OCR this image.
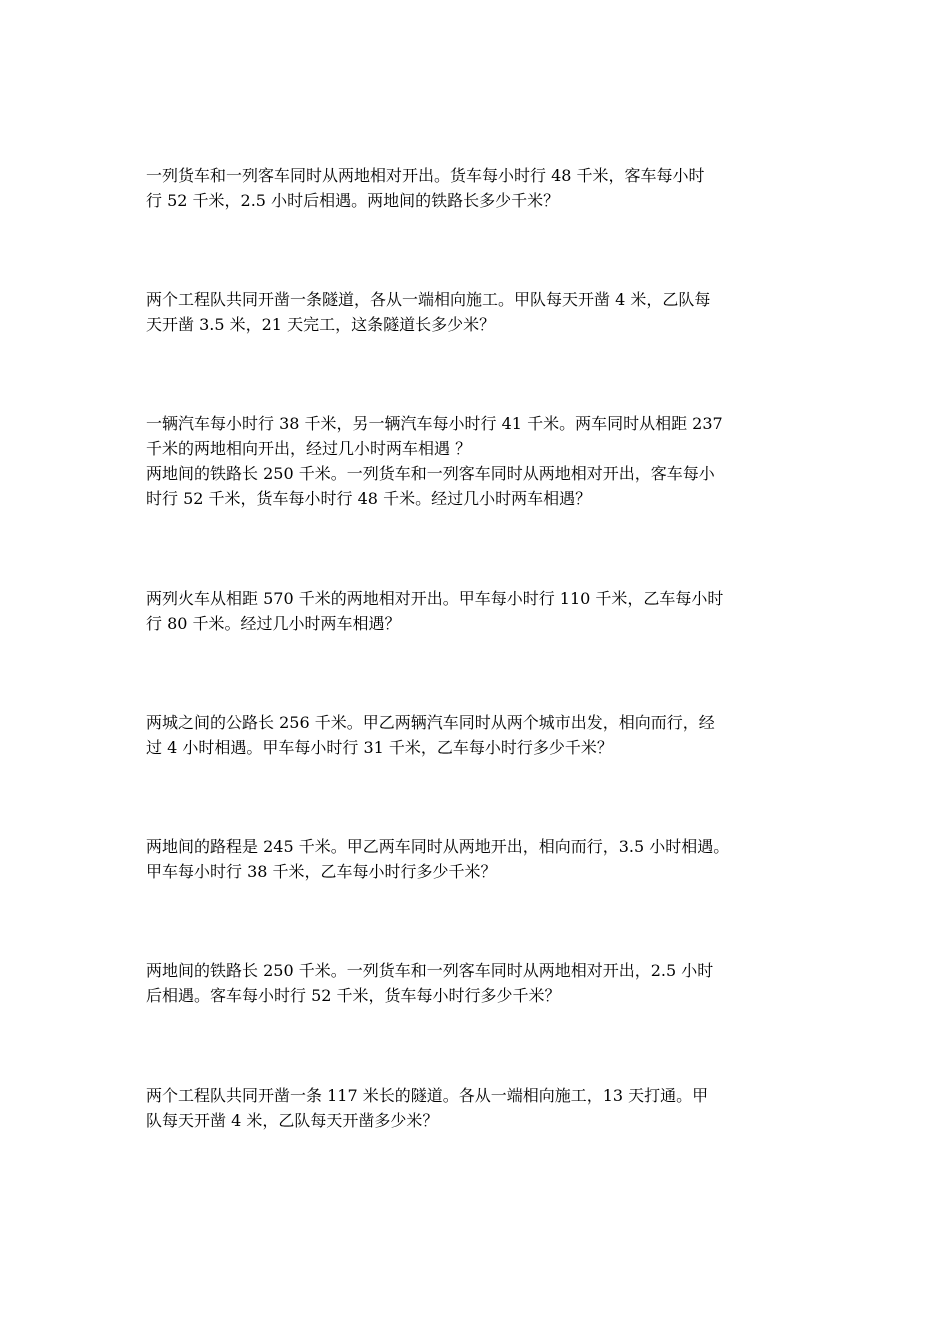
一列货车和一列客车同时从两地相对开出。货车每小时行 48 千米，客车每小时
行 52 千米，2.5 小时后相遇。两地间的铁路长多少千米？
两个工程队共同开凿一条隧道，各从一端相向施工。甲队每天开凿 4 米，乙队每
天开凿 3.5 米，21 天完工，这条隧道长多少米？
一辆汽车每小时行 38 千米，另一辆汽车每小时行 41 千米。两车同时从相距 237
千米的两地相向开出，经过几小时两车相遇 ？
两地间的铁路长 250 千米。一列货车和一列客车同时从两地相对开出，客车每小
时行 52 千米，货车每小时行 48 千米。经过几小时两车相遇？
两列火车从相距 570 千米的两地相对开出。甲车每小时行 110 千米，乙车每小时
行 80 千米。经过几小时两车相遇？
两城之间的公路长 256 千米。甲乙两辆汽车同时从两个城市出发，相向而行，经
过 4 小时相遇。甲车每小时行 31 千米，乙车每小时行多少千米？
两地间的路程是 245 千米。甲乙两车同时从两地开出，相向而行，3.5 小时相遇。
甲车每小时行 38 千米，乙车每小时行多少千米？
两地间的铁路长 250 千米。一列货车和一列客车同时从两地相对开出，2.5 小时
后相遇。客车每小时行 52 千米，货车每小时行多少千米？
两个工程队共同开凿一条 117 米长的隧道。各从一端相向施工，13 天打通。甲
队每天开凿 4 米，乙队每天开凿多少米？
